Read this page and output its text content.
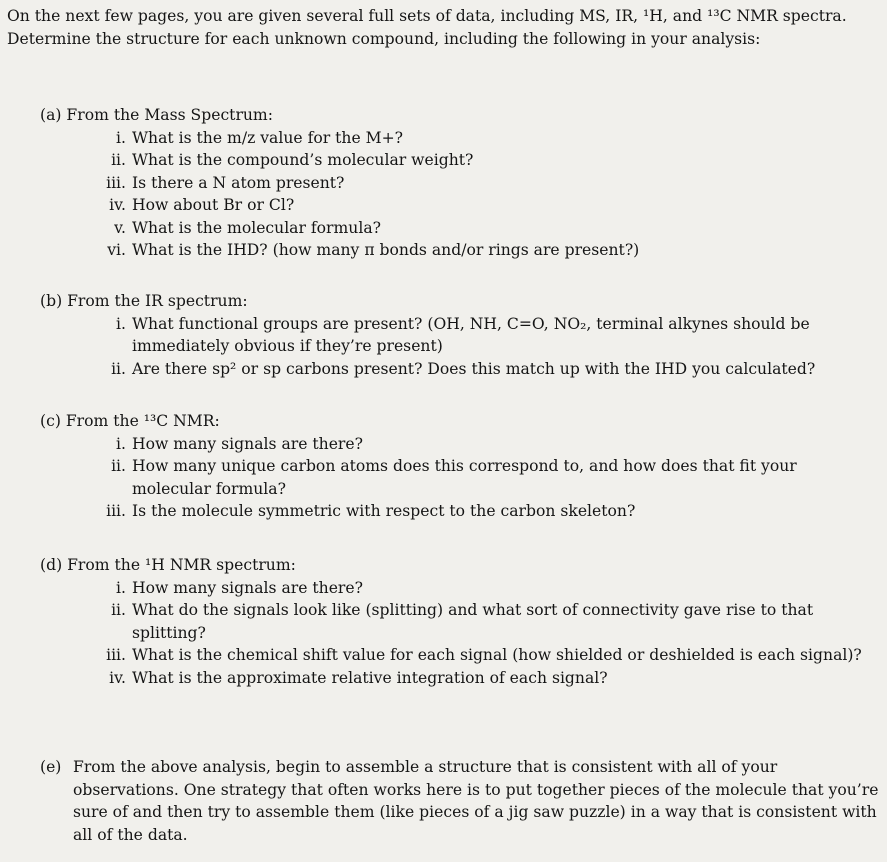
On the next few pages, you are given several full sets of data, including MS, IR, ¹H, and ¹³C NMR spectra. Determine the structure for each unknown compound, including the following in your analysis:

(a) From the Mass Spectrum:
i. What is the m/z value for the M+?
ii. What is the compound’s molecular weight?
iii. Is there a N atom present?
iv. How about Br or Cl?
v. What is the molecular formula?
vi. What is the IHD? (how many π bonds and/or rings are present?)
(b) From the IR spectrum:
i. What functional groups are present? (OH, NH, C=O, NO₂, terminal alkynes should be immediately obvious if they’re present)
ii. Are there sp² or sp carbons present? Does this match up with the IHD you calculated?
(c) From the ¹³C NMR:
i. How many signals are there?
ii. How many unique carbon atoms does this correspond to, and how does that fit your molecular formula?
iii. Is the molecule symmetric with respect to the carbon skeleton?
(d) From the ¹H NMR spectrum:
i. How many signals are there?
ii. What do the signals look like (splitting) and what sort of connectivity gave rise to that splitting?
iii. What is the chemical shift value for each signal (how shielded or deshielded is each signal)?
iv. What is the approximate relative integration of each signal?
(e) From the above analysis, begin to assemble a structure that is consistent with all of your observations. One strategy that often works here is to put together pieces of the molecule that you’re sure of and then try to assemble them (like pieces of a jig saw puzzle) in a way that is consistent with all of the data.
